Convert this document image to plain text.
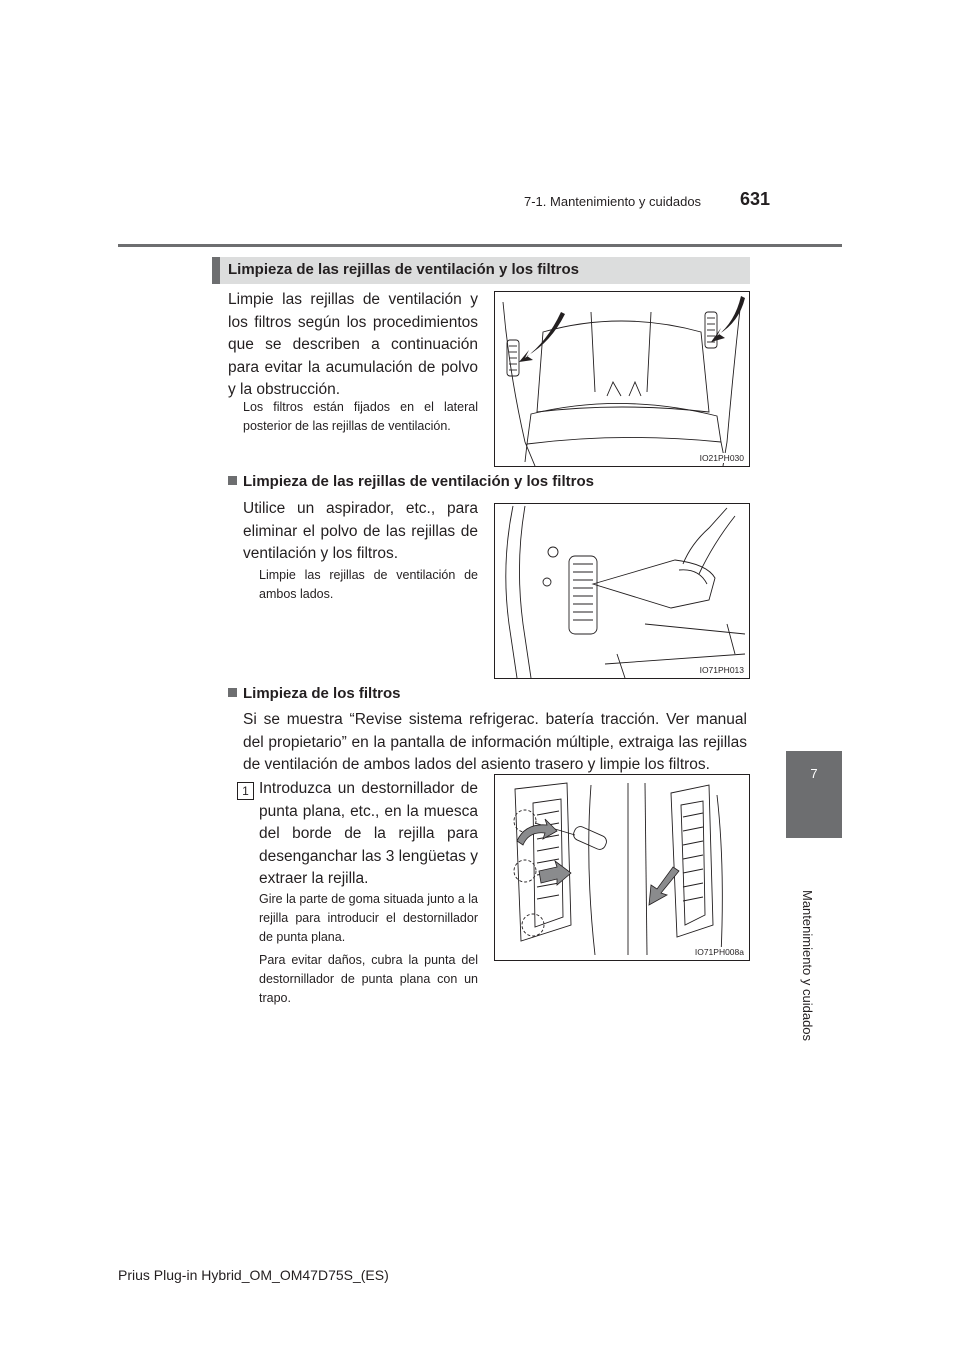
7-1. Mantenimiento y cuidados 631
7
Mantenimiento y cuidados
Limpieza de las rejillas de ventilación y los filtros
Limpie las rejillas de ventilación y los filtros según los procedimientos que se describen a continuación para evitar la acumulación de polvo y la obstrucción.
Los filtros están fijados en el lateral posterior de las rejillas de ventilación.
IO21PH030
Limpieza de las rejillas de ventilación y los filtros
Utilice un aspirador, etc., para eliminar el polvo de las rejillas de ventilación y los filtros.
Limpie las rejillas de ventilación de ambos lados.
IO71PH013
Limpieza de los filtros
Si se muestra “Revise sistema refrigerac. batería tracción. Ver manual del propietario” en la pantalla de información múltiple, extraiga las rejillas de ventilación de ambos lados del asiento trasero y limpie los filtros.
1 Introduzca un destornillador de punta plana, etc., en la muesca del borde de la rejilla para desenganchar las 3 lengüetas y extraer la rejilla.
Gire la parte de goma situada junto a la rejilla para introducir el destornillador de punta plana.
Para evitar daños, cubra la punta del destornillador de punta plana con un trapo.
IO71PH008a
Prius Plug-in Hybrid_OM_OM47D75S_(ES)
